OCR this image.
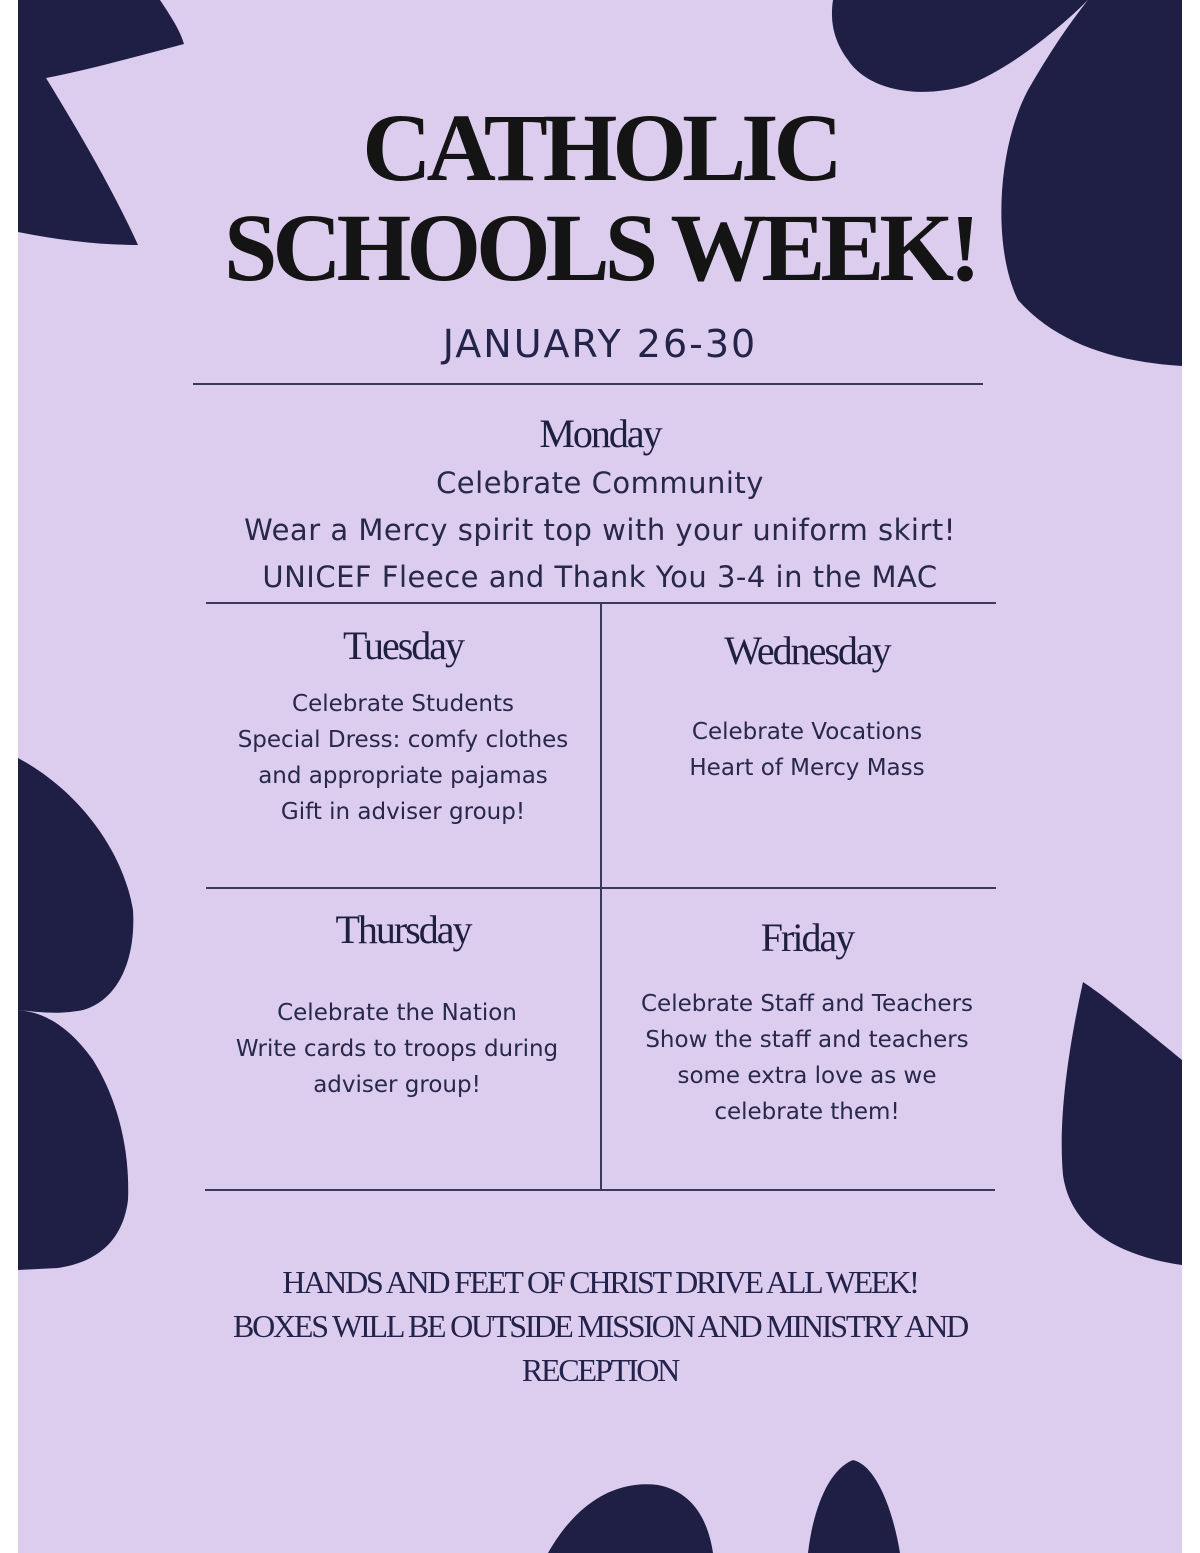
CATHOLIC
SCHOOLS WEEK!
JANUARY 26-30
Monday
Celebrate Community
Wear a Mercy spirit top with your uniform skirt!
UNICEF Fleece and Thank You 3-4 in the MAC
Tuesday
Celebrate Students
Special Dress: comfy clothes
and appropriate pajamas
Gift in adviser group!
Wednesday
Celebrate Vocations
Heart of Mercy Mass
Thursday
Celebrate the Nation
Write cards to troops during
adviser group!
Friday
Celebrate Staff and Teachers
Show the staff and teachers
some extra love as we
celebrate them!
HANDS AND FEET OF CHRIST DRIVE ALL WEEK!
BOXES WILL BE OUTSIDE MISSION AND MINISTRY AND
RECEPTION
